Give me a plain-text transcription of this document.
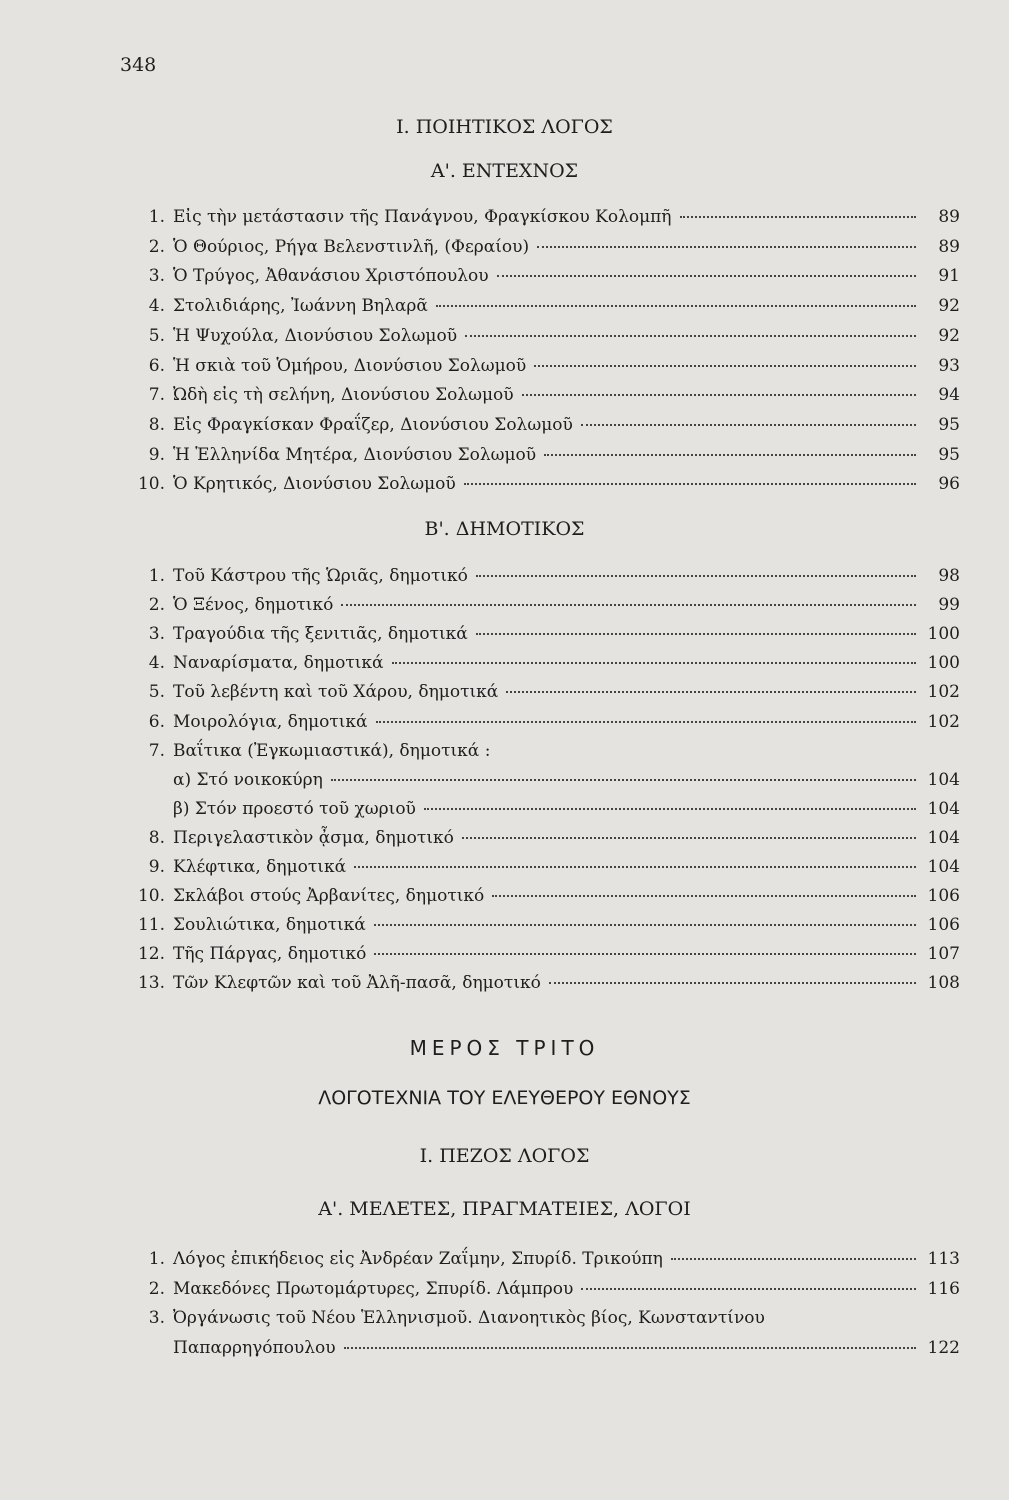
348
Ι. ΠΟΙΗΤΙΚΟΣ ΛΟΓΟΣ
Α'. ΕΝΤΕΧΝΟΣ
1. Εἰς τὴν μετάστασιν τῆς Πανάγνου, Φραγκίσκου Κολομπῆ	89
2. Ὁ Θούριος, Ρήγα Βελενστινλῆ, (Φεραίου)	89
3. Ὁ Τρύγος, Ἀθανάσιου Χριστόπουλου	91
4. Στολιδιάρης, Ἰωάννη Βηλαρᾶ	92
5. Ἡ Ψυχούλα, Διονύσιου Σολωμοῦ	92
6. Ἡ σκιὰ τοῦ Ὁμήρου, Διονύσιου Σολωμοῦ	93
7. Ὠδὴ εἰς τὴ σελήνη, Διονύσιου Σολωμοῦ	94
8. Εἰς Φραγκίσκαν Φραΐζερ, Διονύσιου Σολωμοῦ	95
9. Ἡ Ἑλληνίδα Μητέρα, Διονύσιου Σολωμοῦ	95
10. Ὁ Κρητικός, Διονύσιου Σολωμοῦ	96
Β'. ΔΗΜΟΤΙΚΟΣ
1. Τοῦ Κάστρου τῆς Ὡριᾶς, δημοτικό	98
2. Ὁ Ξένος, δημοτικό	99
3. Τραγούδια τῆς ξενιτιᾶς, δημοτικά	100
4. Ναναρίσματα, δημοτικά	100
5. Τοῦ λεβέντη καὶ τοῦ Χάρου, δημοτικά	102
6. Μοιρολόγια, δημοτικά	102
7. Βαΐτικα (Ἐγκωμιαστικά), δημοτικά :
α) Στό νοικοκύρη	104
β) Στόν προεστό τοῦ χωριοῦ	104
8. Περιγελαστικὸν ᾆσμα, δημοτικό	104
9. Κλέφτικα, δημοτικά	104
10. Σκλάβοι στούς Ἀρβανίτες, δημοτικό	106
11. Σουλιώτικα, δημοτικά	106
12. Τῆς Πάργας, δημοτικό	107
13. Τῶν Κλεφτῶν καὶ τοῦ Ἀλῆ-πασᾶ, δημοτικό	108
ΜΕΡΟΣ ΤΡΙΤΟ
ΛΟΓΟΤΕΧΝΙΑ ΤΟΥ ΕΛΕΥΘΕΡΟΥ ΕΘΝΟΥΣ
Ι. ΠΕΖΟΣ ΛΟΓΟΣ
Α'. ΜΕΛΕΤΕΣ, ΠΡΑΓΜΑΤΕΙΕΣ, ΛΟΓΟΙ
1. Λόγος ἐπικήδειος εἰς Ἀνδρέαν Ζαΐμην, Σπυρίδ. Τρικούπη	113
2. Μακεδόνες Πρωτομάρτυρες, Σπυρίδ. Λάμπρου	116
3. Ὀργάνωσις τοῦ Νέου Ἑλληνισμοῦ. Διανοητικὸς βίος, Κωνσταντίνου
Παπαρρηγόπουλου	122
